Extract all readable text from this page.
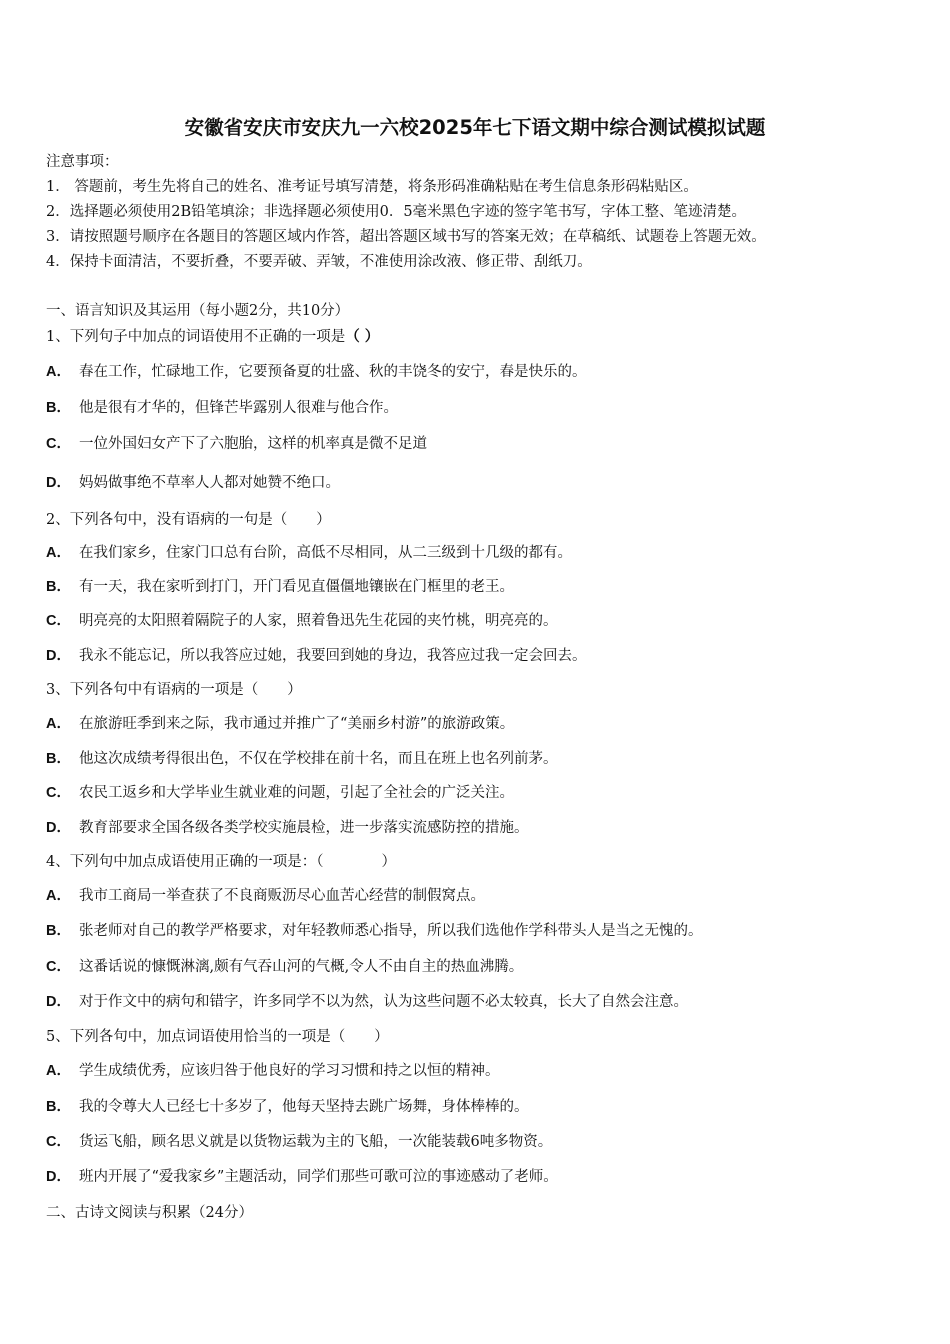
安徽省安庆市安庆九一六校2025年七下语文期中综合测试模拟试题
注意事项：
1． 答题前，考生先将自己的姓名、准考证号填写清楚，将条形码准确粘贴在考生信息条形码粘贴区。
2．选择题必须使用2B铅笔填涂；非选择题必须使用0．5毫米黑色字迹的签字笔书写，字体工整、笔迹清楚。
3．请按照题号顺序在各题目的答题区域内作答，超出答题区域书写的答案无效；在草稿纸、试题卷上答题无效。
4．保持卡面清洁，不要折叠，不要弄破、弄皱，不准使用涂改液、修正带、刮纸刀。
一、语言知识及其运用（每小题2分，共10分）
1、下列句子中加点的词语使用不正确的一项是（ ）
A． 春在工作，忙碌地工作，它要预备夏的壮盛、秋的丰饶冬的安宁，春是快乐的。
B． 他是很有才华的，但锋芒毕露别人很难与他合作。
C． 一位外国妇女产下了六胞胎，这样的机率真是微不足道
D． 妈妈做事绝不草率人人都对她赞不绝口。
2、下列各句中，没有语病的一句是（　　）
A． 在我们家乡，住家门口总有台阶，高低不尽相同，从二三级到十几级的都有。
B． 有一天，我在家听到打门，开门看见直僵僵地镶嵌在门框里的老王。
C． 明亮亮的太阳照着隔院子的人家，照着鲁迅先生花园的夹竹桃，明亮亮的。
D． 我永不能忘记，所以我答应过她，我要回到她的身边，我答应过我一定会回去。
3、下列各句中有语病的一项是（　　）
A． 在旅游旺季到来之际，我市通过并推广了“美丽乡村游”的旅游政策。
B． 他这次成绩考得很出色，不仅在学校排在前十名，而且在班上也名列前茅。
C． 农民工返乡和大学毕业生就业难的问题，引起了全社会的广泛关注。
D． 教育部要求全国各级各类学校实施晨检，进一步落实流感防控的措施。
4、下列句中加点成语使用正确的一项是：（　　　　）
A． 我市工商局一举查获了不良商贩沥尽心血苦心经营的制假窝点。
B． 张老师对自己的教学严格要求，对年轻教师悉心指导，所以我们选他作学科带头人是当之无愧的。
C． 这番话说的慷慨淋漓,颇有气吞山河的气概,令人不由自主的热血沸腾。
D． 对于作文中的病句和错字，许多同学不以为然，认为这些问题不必太较真，长大了自然会注意。
5、下列各句中，加点词语使用恰当的一项是（　　）
A． 学生成绩优秀，应该归咎于他良好的学习习惯和持之以恒的精神。
B． 我的令尊大人已经七十多岁了，他每天坚持去跳广场舞，身体棒棒的。
C． 货运飞船，顾名思义就是以货物运载为主的飞船，一次能装载6吨多物资。
D． 班内开展了“爱我家乡”主题活动，同学们那些可歌可泣的事迹感动了老师。
二、古诗文阅读与积累（24分）
